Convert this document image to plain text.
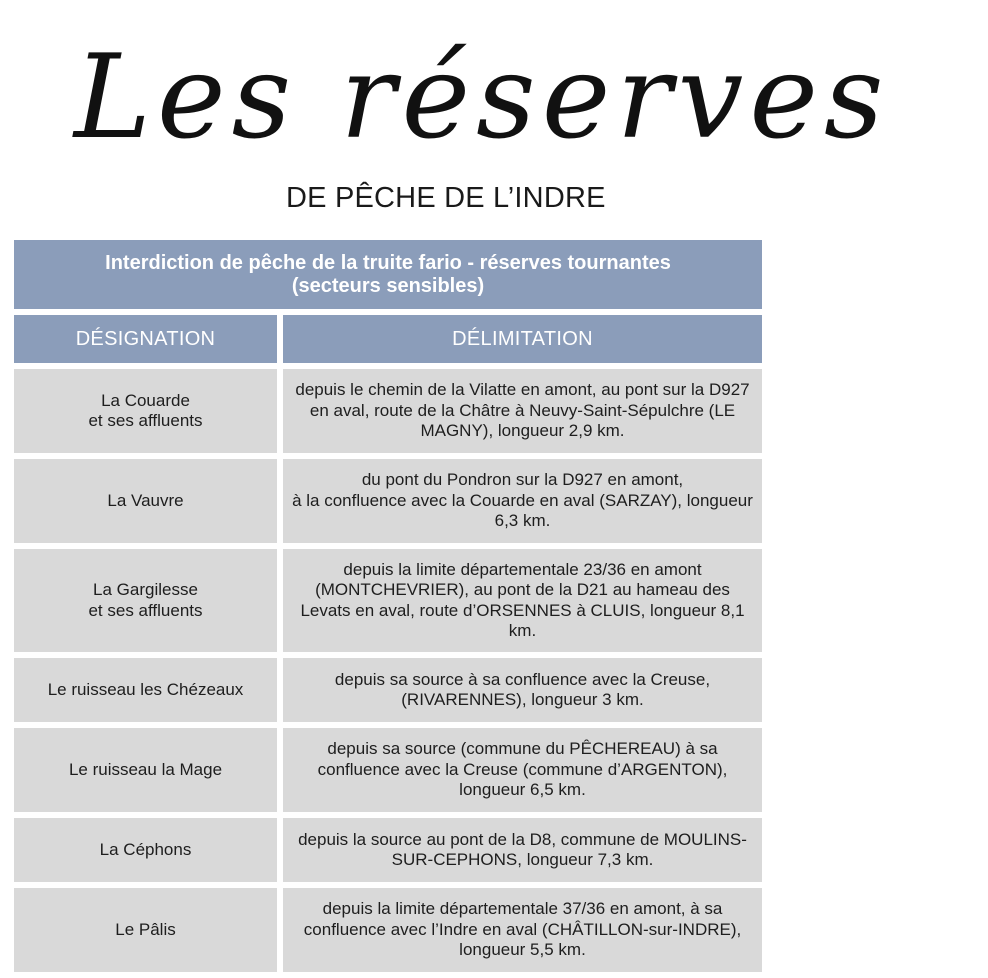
Les réserves
DE PÊCHE DE L’INDRE
Interdiction de pêche de la truite fario - réserves tournantes
(secteurs sensibles)
DÉSIGNATION	DÉLIMITATION
La Couarde
et ses affluents
depuis le chemin de la Vilatte en amont, au pont sur la D927 en aval, route de la Châtre à Neuvy-Saint-Sépulchre (LE MAGNY), longueur 2,9 km.
La Vauvre
du pont du Pondron sur la D927 en amont,
à la confluence avec la Couarde en aval (SARZAY), longueur 6,3 km.
La Gargilesse
et ses affluents
depuis la limite départementale 23/36 en amont (MONTCHEVRIER), au pont de la D21 au hameau des Levats en aval, route d’ORSENNES à CLUIS, longueur 8,1 km.
Le ruisseau les Chézeaux
depuis sa source à sa confluence avec la Creuse, (RIVARENNES), longueur 3 km.
Le ruisseau la Mage
depuis sa source (commune du PÊCHEREAU) à sa confluence avec la Creuse (commune d’ARGENTON), longueur 6,5 km.
La Céphons
depuis la source au pont de la D8, commune de MOULINS-SUR-CEPHONS, longueur 7,3 km.
Le Pâlis
depuis la limite départementale 37/36 en amont, à sa confluence avec l’Indre en aval (CHÂTILLON-sur-INDRE), longueur 5,5 km.
